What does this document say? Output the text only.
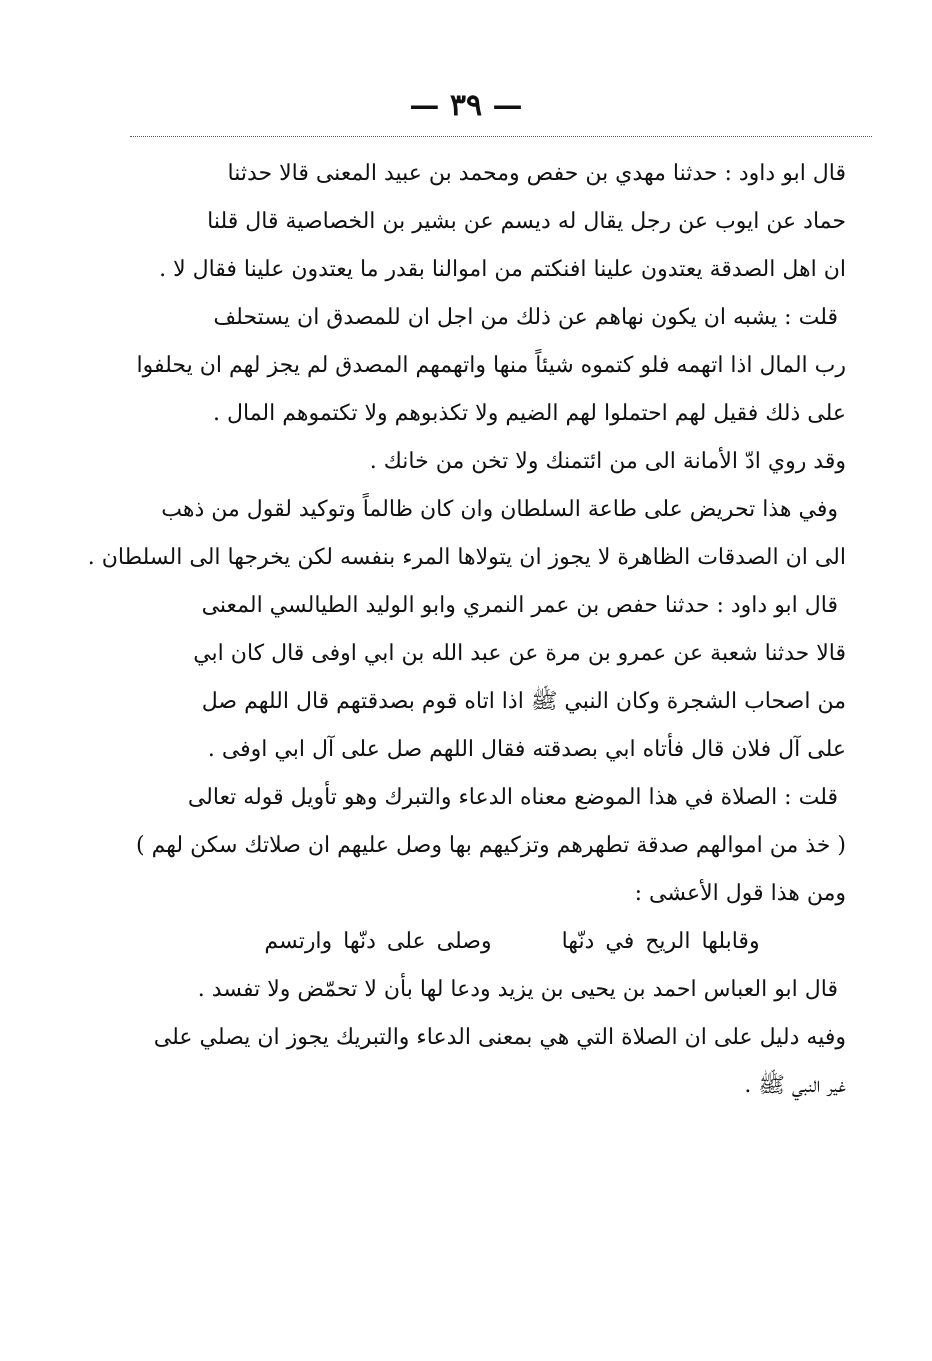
— ٣٩ —
قال ابو داود : حدثنا مهدي بن حفص ومحمد بن عبيد المعنى قالا حدثنا
حماد عن ايوب عن رجل يقال له ديسم عن بشير بن الخصاصية قال قلنا
ان اهل الصدقة يعتدون علينا افنكتم من اموالنا بقدر ما يعتدون علينا فقال لا .
قلت : يشبه ان يكون نهاهم عن ذلك من اجل ان للمصدق ان يستحلف
رب المال اذا اتهمه فلو كتموه شيئاً منها واتهمهم المصدق لم يجز لهم ان يحلفوا
على ذلك فقيل لهم احتملوا لهم الضيم ولا تكذبوهم ولا تكتموهم المال .
وقد روي ادّ الأمانة الى من ائتمنك ولا تخن من خانك .
وفي هذا تحريض على طاعة السلطان وان كان ظالماً وتوكيد لقول من ذهب
الى ان الصدقات الظاهرة لا يجوز ان يتولاها المرء بنفسه لكن يخرجها الى السلطان .
قال ابو داود : حدثنا حفص بن عمر النمري وابو الوليد الطيالسي المعنى
قالا حدثنا شعبة عن عمرو بن مرة عن عبد الله بن ابي اوفى قال كان ابي
من اصحاب الشجرة وكان النبي ﷺ اذا اتاه قوم بصدقتهم قال اللهم صل
على آل فلان قال فأتاه ابي بصدقته فقال اللهم صل على آل ابي اوفى .
قلت : الصلاة في هذا الموضع معناه الدعاء والتبرك وهو تأويل قوله تعالى
( خذ من اموالهم صدقة تطهرهم وتزكيهم بها وصل عليهم ان صلاتك سكن لهم )
ومن هذا قول الأعشى :
وقابلها الريح في دنّها  وصلى على دنّها وارتسم
قال ابو العباس احمد بن يحيى بن يزيد ودعا لها بأن لا تحمّض ولا تفسد .
وفيه دليل على ان الصلاة التي هي بمعنى الدعاء والتبريك يجوز ان يصلي على
غير النبي ﷺ .
